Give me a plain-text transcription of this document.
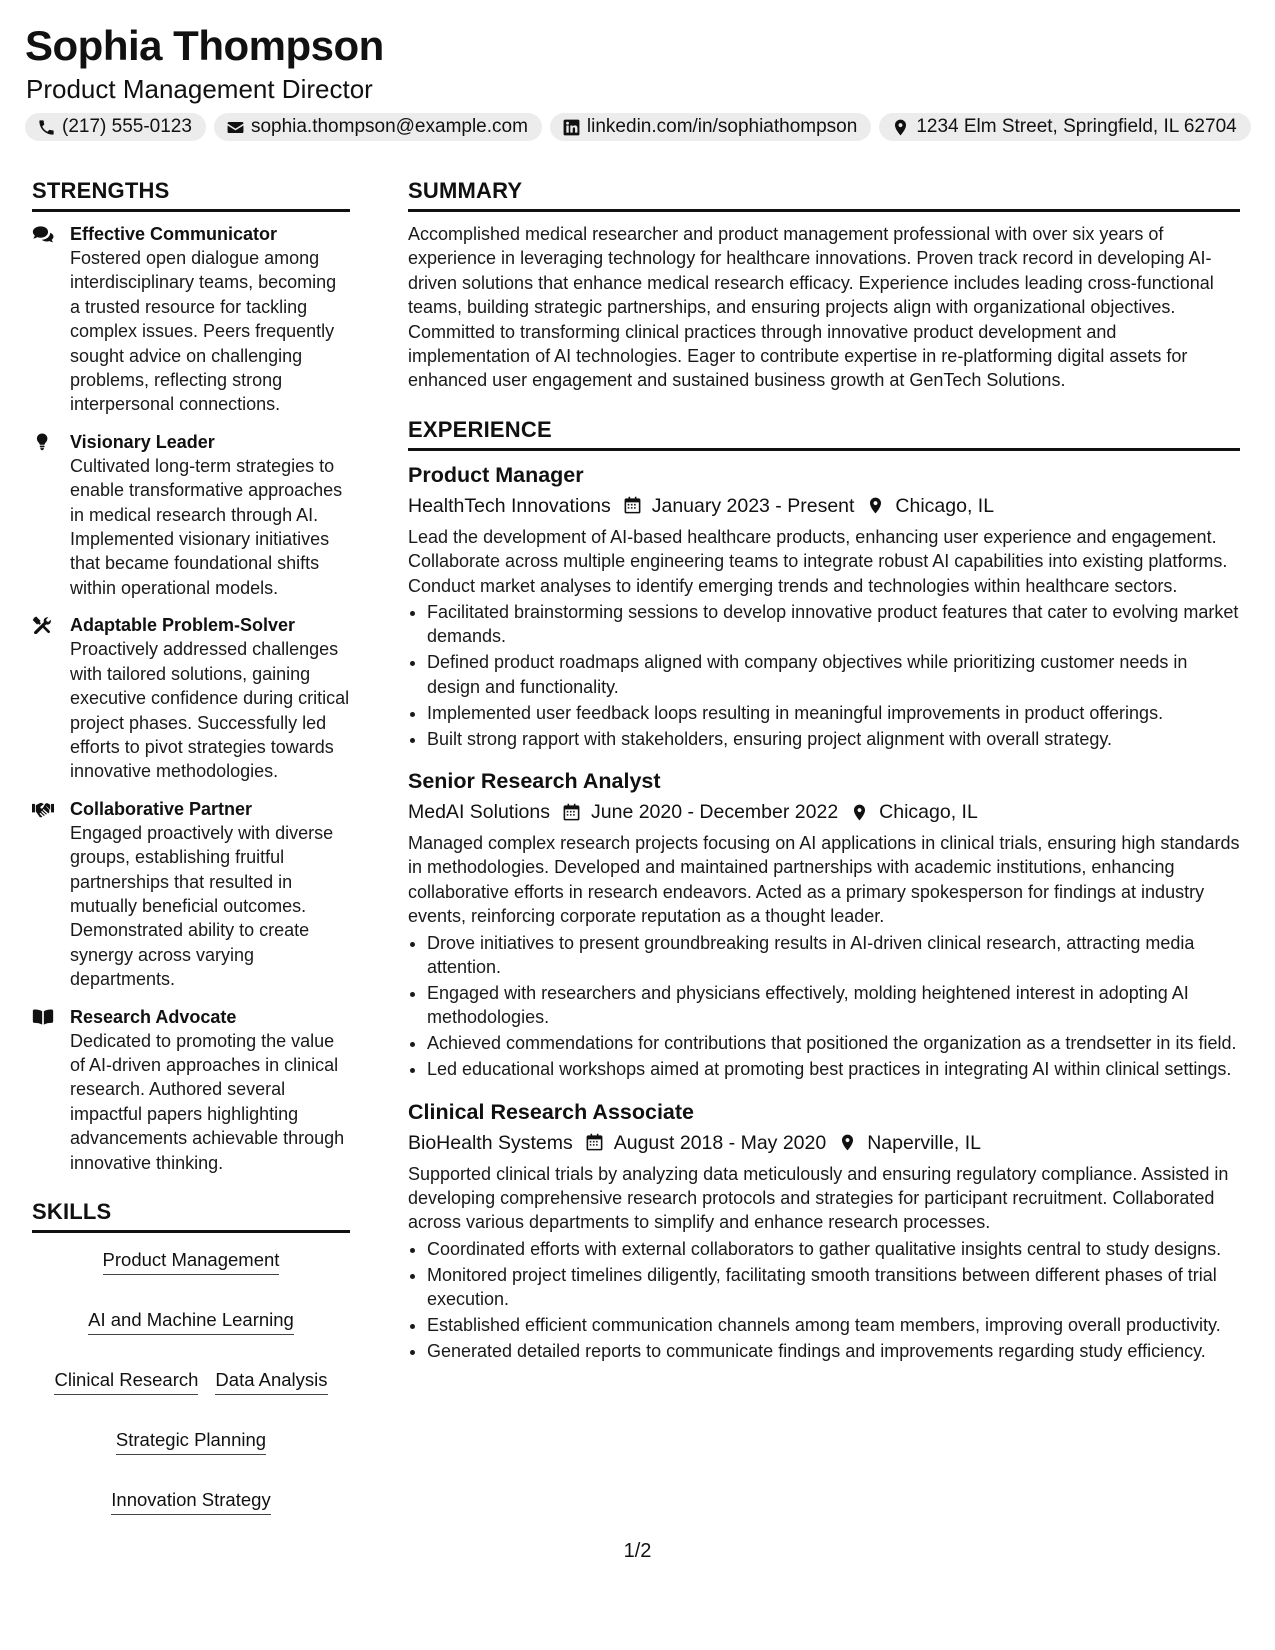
Sophia Thompson
Product Management Director
(217) 555-0123	sophia.thompson@example.com	linkedin.com/in/sophiathompson	1234 Elm Street, Springfield, IL 62704
STRENGTHS
Effective Communicator
Fostered open dialogue among interdisciplinary teams, becoming a trusted resource for tackling complex issues. Peers frequently sought advice on challenging problems, reflecting strong interpersonal connections.
Visionary Leader
Cultivated long-term strategies to enable transformative approaches in medical research through AI. Implemented visionary initiatives that became foundational shifts within operational models.
Adaptable Problem-Solver
Proactively addressed challenges with tailored solutions, gaining executive confidence during critical project phases. Successfully led efforts to pivot strategies towards innovative methodologies.
Collaborative Partner
Engaged proactively with diverse groups, establishing fruitful partnerships that resulted in mutually beneficial outcomes. Demonstrated ability to create synergy across varying departments.
Research Advocate
Dedicated to promoting the value of AI-driven approaches in clinical research. Authored several impactful papers highlighting advancements achievable through innovative thinking.
SKILLS
Product Management
AI and Machine Learning
Clinical Research Data Analysis
Strategic Planning
Innovation Strategy
SUMMARY
Accomplished medical researcher and product management professional with over six years of experience in leveraging technology for healthcare innovations. Proven track record in developing AI-driven solutions that enhance medical research efficacy. Experience includes leading cross-functional teams, building strategic partnerships, and ensuring projects align with organizational objectives. Committed to transforming clinical practices through innovative product development and implementation of AI technologies. Eager to contribute expertise in re-platforming digital assets for enhanced user engagement and sustained business growth at GenTech Solutions.
EXPERIENCE
Product Manager
HealthTech Innovations January 2023 - Present Chicago, IL
Lead the development of AI-based healthcare products, enhancing user experience and engagement. Collaborate across multiple engineering teams to integrate robust AI capabilities into existing platforms. Conduct market analyses to identify emerging trends and technologies within healthcare sectors.
• Facilitated brainstorming sessions to develop innovative product features that cater to evolving market demands.
• Defined product roadmaps aligned with company objectives while prioritizing customer needs in design and functionality.
• Implemented user feedback loops resulting in meaningful improvements in product offerings.
• Built strong rapport with stakeholders, ensuring project alignment with overall strategy.
Senior Research Analyst
MedAI Solutions June 2020 - December 2022 Chicago, IL
Managed complex research projects focusing on AI applications in clinical trials, ensuring high standards in methodologies. Developed and maintained partnerships with academic institutions, enhancing collaborative efforts in research endeavors. Acted as a primary spokesperson for findings at industry events, reinforcing corporate reputation as a thought leader.
• Drove initiatives to present groundbreaking results in AI-driven clinical research, attracting media attention.
• Engaged with researchers and physicians effectively, molding heightened interest in adopting AI methodologies.
• Achieved commendations for contributions that positioned the organization as a trendsetter in its field.
• Led educational workshops aimed at promoting best practices in integrating AI within clinical settings.
Clinical Research Associate
BioHealth Systems August 2018 - May 2020 Naperville, IL
Supported clinical trials by analyzing data meticulously and ensuring regulatory compliance. Assisted in developing comprehensive research protocols and strategies for participant recruitment. Collaborated across various departments to simplify and enhance research processes.
• Coordinated efforts with external collaborators to gather qualitative insights central to study designs.
• Monitored project timelines diligently, facilitating smooth transitions between different phases of trial execution.
• Established efficient communication channels among team members, improving overall productivity.
• Generated detailed reports to communicate findings and improvements regarding study efficiency.
1/2
